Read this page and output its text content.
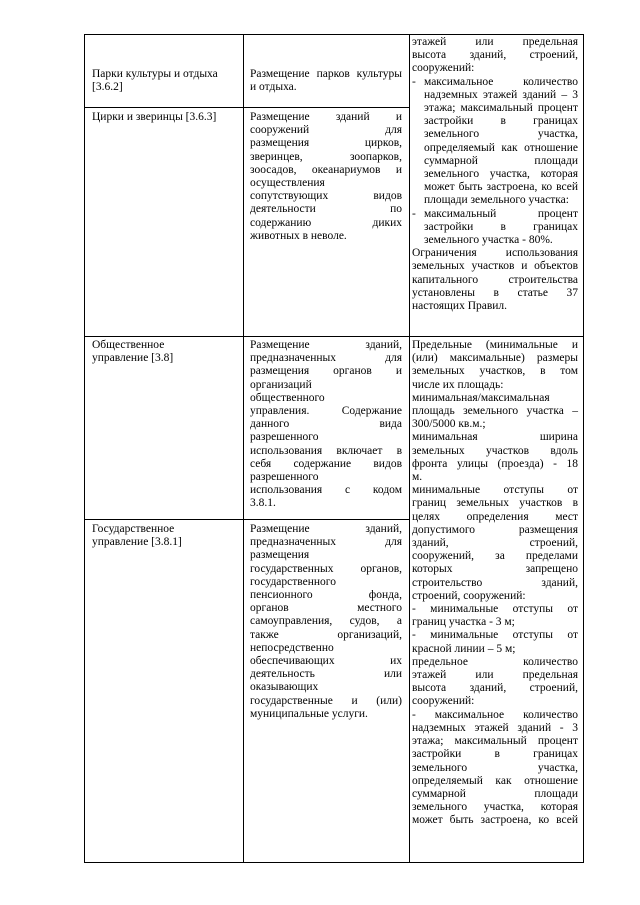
Парки культуры и отдыха [3.6.2]
Размещение парков культуры и отдыха.
Цирки и зверинцы [3.6.3]	Размещение зданий и
сооружений для
размещения цирков,
зверинцев, зоопарков,
зоосадов, океанариумов и
осуществления
сопутствующих видов
деятельности по
содержанию диких
животных в неволе.
Общественное управление [3.8]
Размещение зданий,
предназначенных для
размещения органов и
организаций
общественного
управления. Содержание
данного вида
разрешенного
использования включает в
себя содержание видов
разрешенного
использования с кодом
3.8.1.
Государственное управление [3.8.1]
Размещение зданий,
предназначенных для
размещения
государственных органов,
государственного
пенсионного фонда,
органов местного
самоуправления, судов, а
также организаций,
непосредственно
обеспечивающих их
деятельность или
оказывающих
государственные и (или)
муниципальные услуги.
этажей или предельная
высота зданий, строений,
сооружений:
- максимальное количество
надземных этажей зданий – 3
этажа; максимальный процент
застройки в границах
земельного участка,
определяемый как отношение
суммарной площади
земельного участка, которая
может быть застроена, ко всей
площади земельного участка:
- максимальный процент
застройки в границах
земельного участка - 80%.
Ограничения использования
земельных участков и объектов
капитального строительства
установлены в статье 37
настоящих Правил.
Предельные (минимальные и
(или) максимальные) размеры
земельных участков, в том
числе их площадь:
минимальная/максимальная
площадь земельного участка –
300/5000 кв.м.;
минимальная ширина
земельных участков вдоль
фронта улицы (проезда) - 18
м.
минимальные отступы от
границ земельных участков в
целях определения мест
допустимого размещения
зданий, строений,
сооружений, за пределами
которых запрещено
строительство зданий,
строений, сооружений:
- минимальные отступы от
границ участка - 3 м;
- минимальные отступы от
красной линии – 5 м;
предельное количество
этажей или предельная
высота зданий, строений,
сооружений:
- максимальное количество
надземных этажей зданий - 3
этажа; максимальный процент
застройки в границах
земельного участка,
определяемый как отношение
суммарной площади
земельного участка, которая
может быть застроена, ко всей
